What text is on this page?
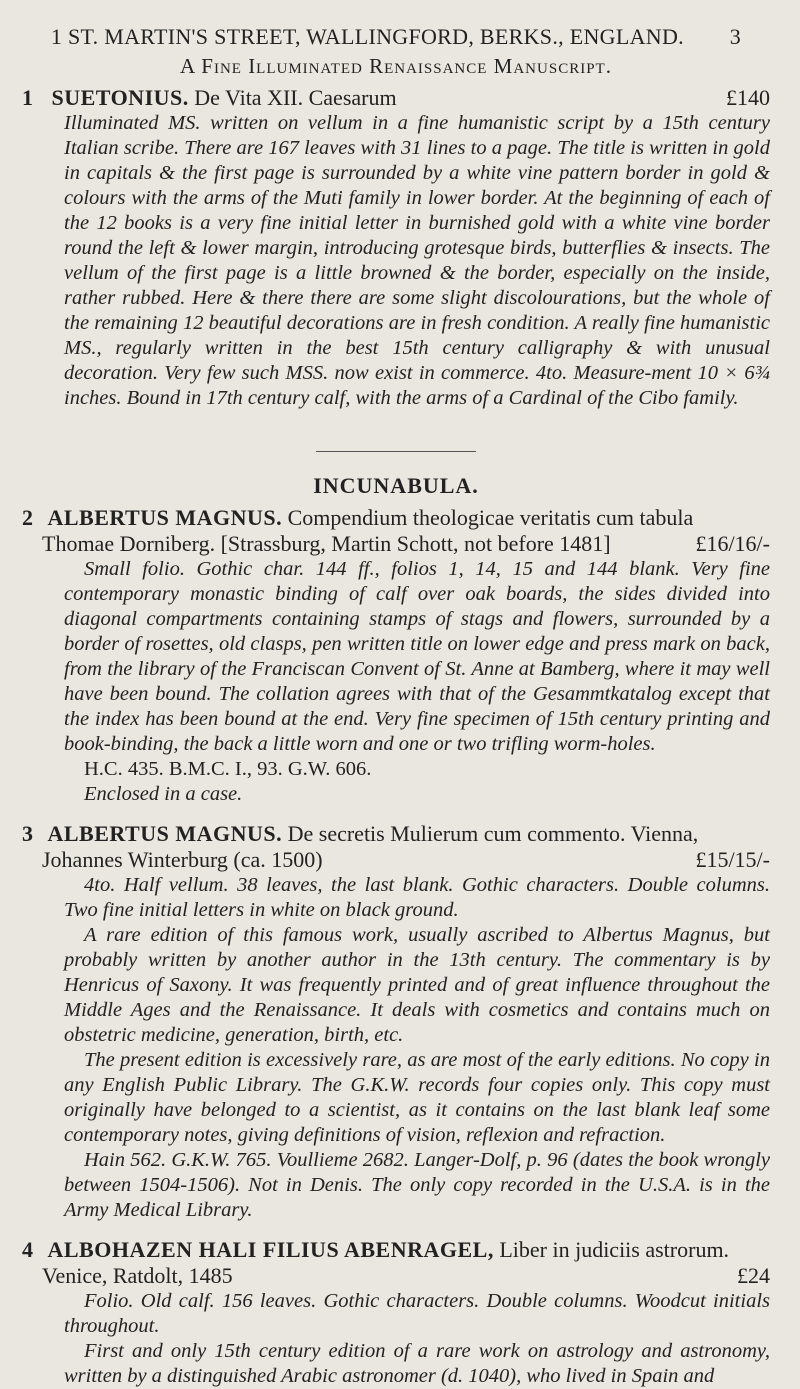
1 ST. MARTIN'S STREET, WALLINGFORD, BERKS., ENGLAND. 3
A Fine Illuminated Renaissance Manuscript.
1 SUETONIUS. De Vita XII. Caesarum	£140

Illuminated MS. written on vellum in a fine humanistic script by a 15th century Italian scribe. There are 167 leaves with 31 lines to a page. The title is written in gold in capitals & the first page is surrounded by a white vine pattern border in gold & colours with the arms of the Muti family in lower border. At the beginning of each of the 12 books is a very fine initial letter in burnished gold with a white vine border round the left & lower margin, introducing grotesque birds, butterflies & insects. The vellum of the first page is a little browned & the border, especially on the inside, rather rubbed. Here & there there are some slight discolourations, but the whole of the remaining 12 beautiful decorations are in fresh condition. A really fine humanistic MS., regularly written in the best 15th century calligraphy & with unusual decoration. Very few such MSS. now exist in commerce. 4to. Measure-ment 10 × 6¾ inches. Bound in 17th century calf, with the arms of a Cardinal of the Cibo family.

INCUNABULA.
2 ALBERTUS MAGNUS. Compendium theologicae veritatis cum tabula
Thomae Dorniberg. [Strassburg, Martin Schott, not before 1481]	£16/16/-

Small folio. Gothic char. 144 ff., folios 1, 14, 15 and 144 blank. Very fine contemporary monastic binding of calf over oak boards, the sides divided into diagonal compartments containing stamps of stags and flowers, surrounded by a border of rosettes, old clasps, pen written title on lower edge and press mark on back, from the library of the Franciscan Convent of St. Anne at Bamberg, where it may well have been bound. The collation agrees with that of the Gesammtkatalog except that the index has been bound at the end. Very fine specimen of 15th century printing and book-binding, the back a little worn and one or two trifling worm-holes.

H.C. 435. B.M.C. I., 93. G.W. 606.
Enclosed in a case.
3 ALBERTUS MAGNUS. De secretis Mulierum cum commento. Vienna,
Johannes Winterburg (ca. 1500)	£15/15/-

4to. Half vellum. 38 leaves, the last blank. Gothic characters. Double columns. Two fine initial letters in white on black ground.

A rare edition of this famous work, usually ascribed to Albertus Magnus, but probably written by another author in the 13th century. The commentary is by Henricus of Saxony. It was frequently printed and of great influence throughout the Middle Ages and the Renaissance. It deals with cosmetics and contains much on obstetric medicine, generation, birth, etc.

The present edition is excessively rare, as are most of the early editions. No copy in any English Public Library. The G.K.W. records four copies only. This copy must originally have belonged to a scientist, as it contains on the last blank leaf some contemporary notes, giving definitions of vision, reflexion and refraction.

Hain 562. G.K.W. 765. Voullieme 2682. Langer-Dolf, p. 96 (dates the book wrongly between 1504-1506). Not in Denis. The only copy recorded in the U.S.A. is in the Army Medical Library.

4 ALBOHAZEN HALI FILIUS ABENRAGEL, Liber in judiciis astrorum.
Venice, Ratdolt, 1485	£24

Folio. Old calf. 156 leaves. Gothic characters. Double columns. Woodcut initials throughout.

First and only 15th century edition of a rare work on astrology and astronomy, written by a distinguished Arabic astronomer (d. 1040), who lived in Spain and
